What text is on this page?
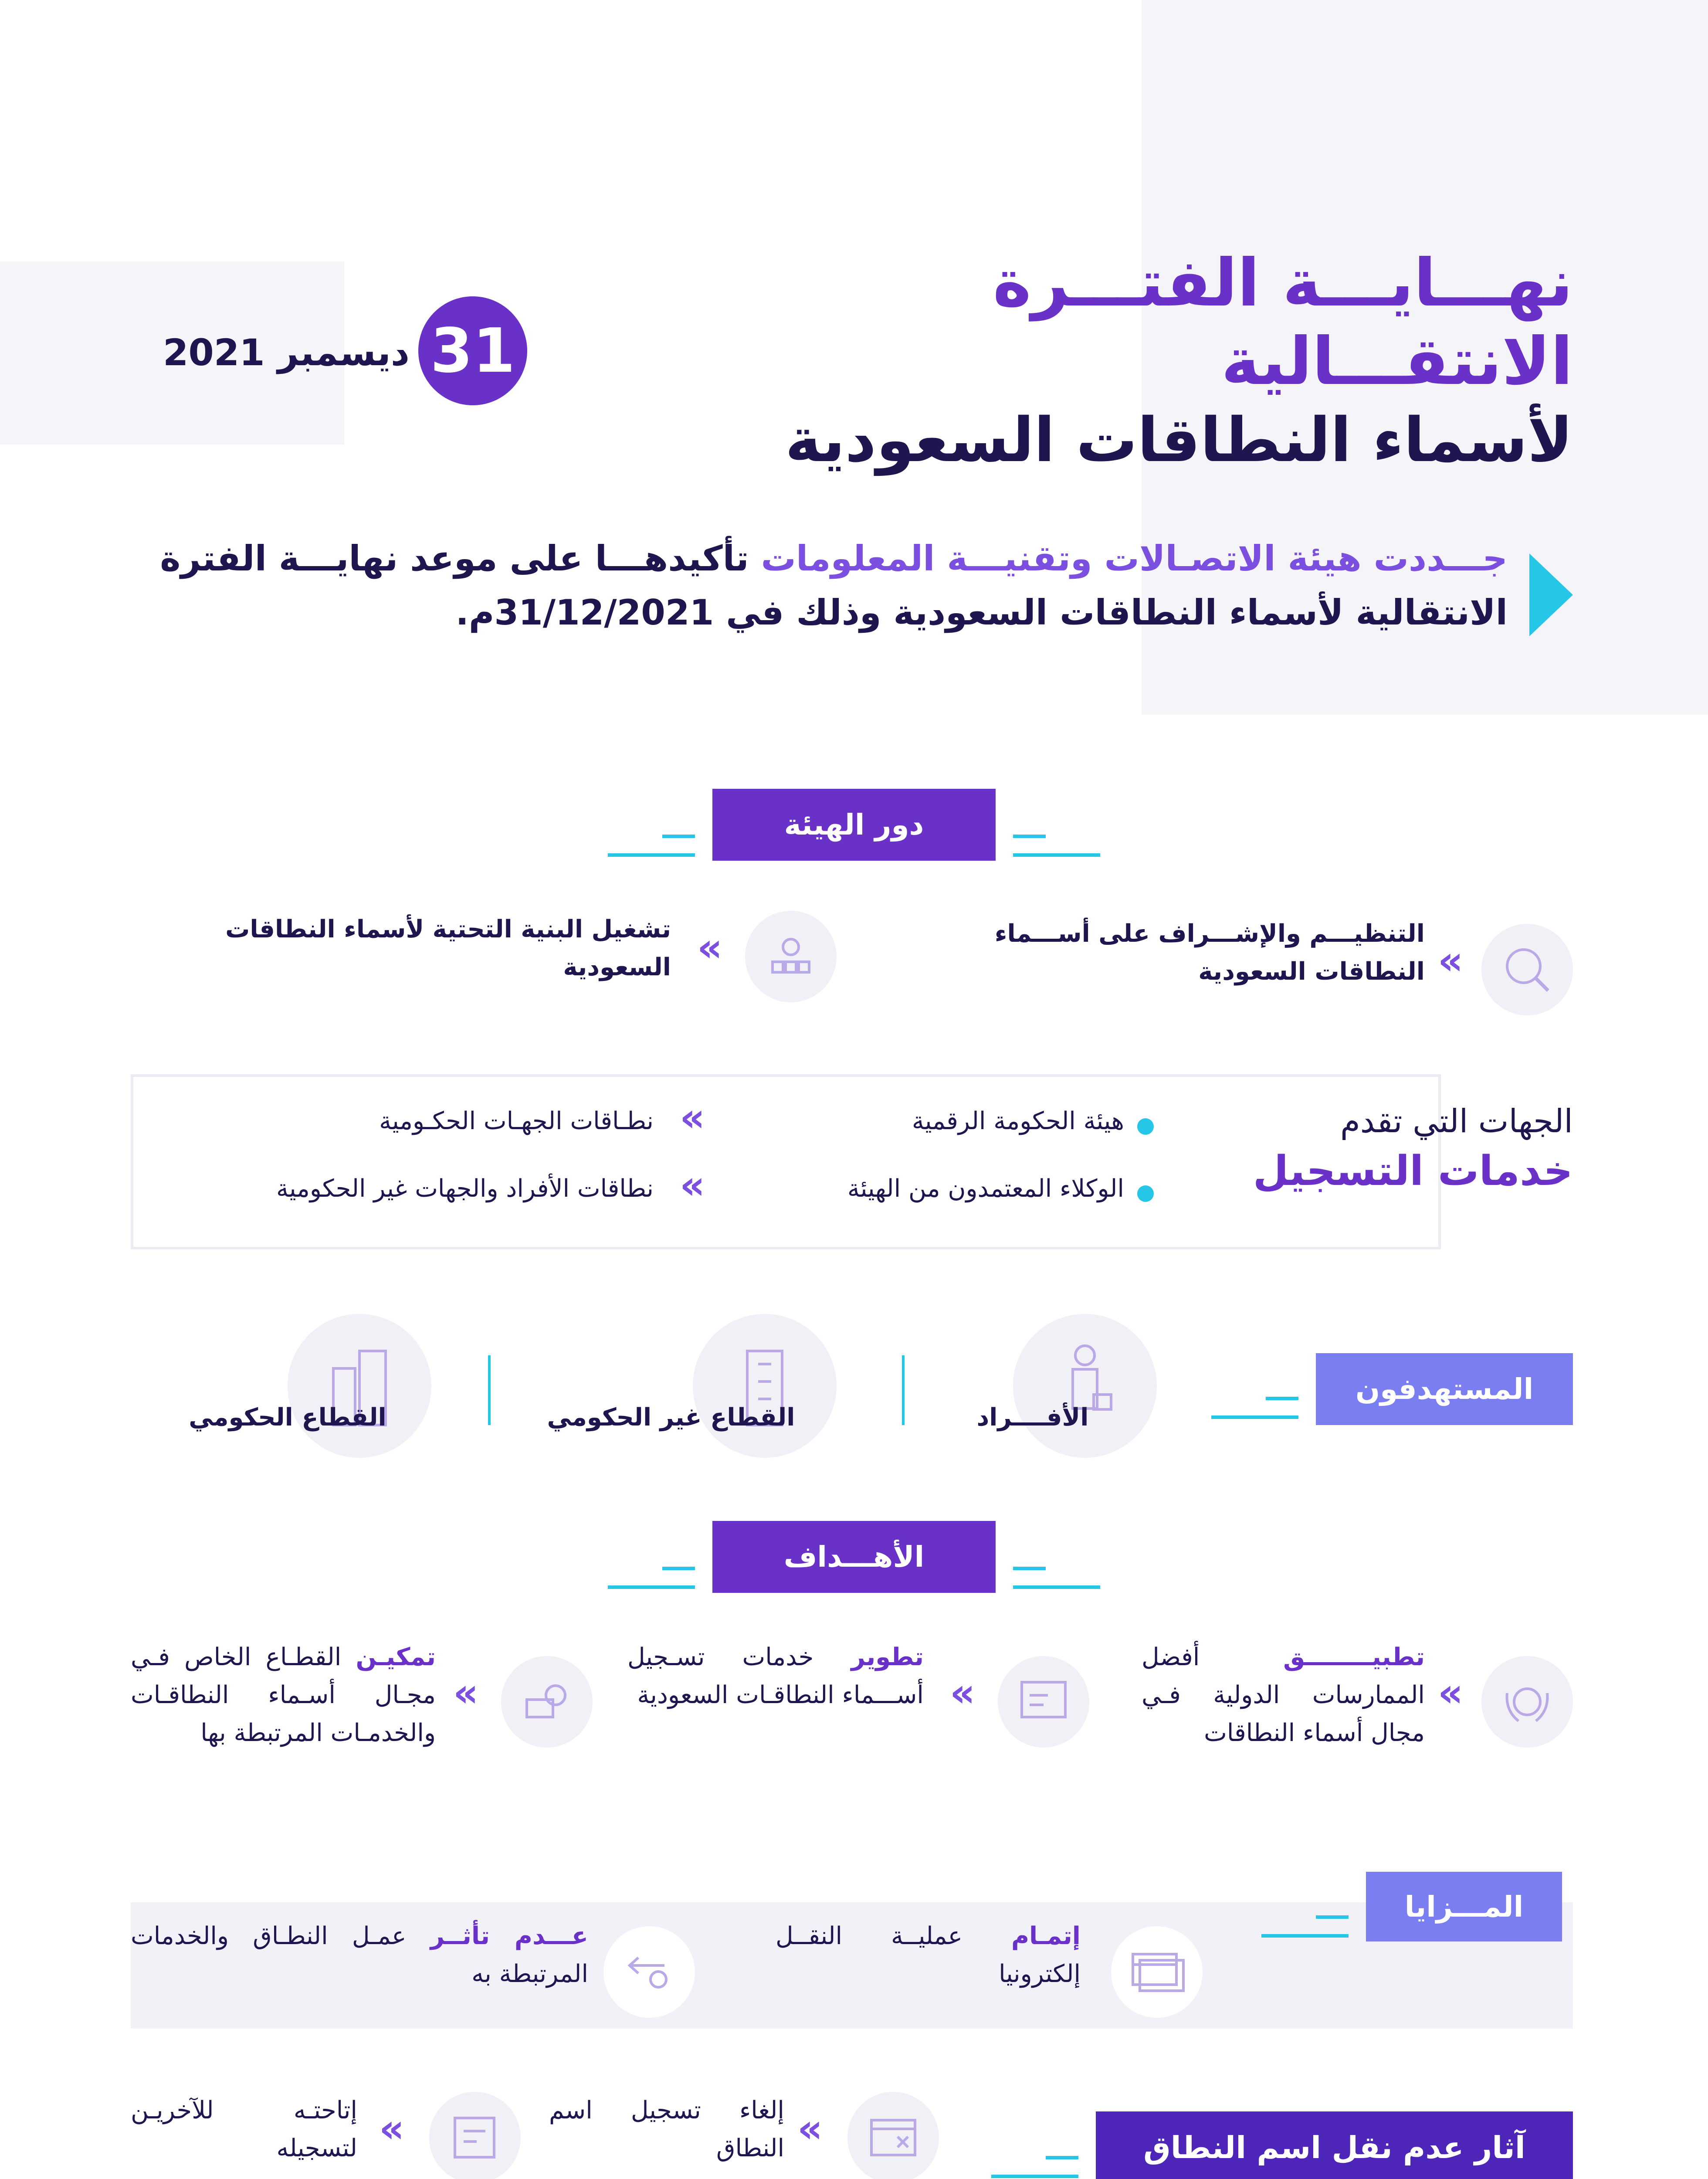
نهـــايـــة الفتـــرة الانتقـــالية
لأسماء النطاقات السعودية
31
ديسمبر 2021
جـــددت هيئة الاتصـالات وتقنيـــة المعلومات تأكيدهـــا على موعد نهايـــة الفترة الانتقالية لأسماء النطاقات السعودية وذلك في 31/12/2021م.
دور الهيئة
«
التنظيـــم والإشـــراف على أســـماء النطاقات السعودية
«
تشغيل البنية التحتية لأسماء النطاقات السعودية
الجهات التي تقدم
خدمات التسجيل
هيئة الحكومة الرقمية
الوكلاء المعتمدون من الهيئة
«
نطـاقات الجهـات الحكـومية
«
نطاقات الأفراد والجهات غير الحكومية
المستهدفون
الأفــــراد
القطاع غير الحكومي
القطاع الحكومي
الأهـــداف
«
تطبيــــــــق أفضل الممارسات الدولية فـي مجال أسماء النطاقات
«
تطوير خدمات تسـجيل أســـماء النطاقـات السعودية
«
تمكيـن القطـاع الخاص فـي مجـال أسـماء النطاقـات والخدمـات المرتبطة بها
المـــزايا
إتمـام عمليــة النقــل إلكترونيا
عـــدم تأثــر عمـل النطـاق والخدمات المرتبطة به
آثار عدم نقل اسم النطاق
«
إلغاء تسجيل اسم النطاق
«
إتاحتـه للآخريـن لتسجيله
